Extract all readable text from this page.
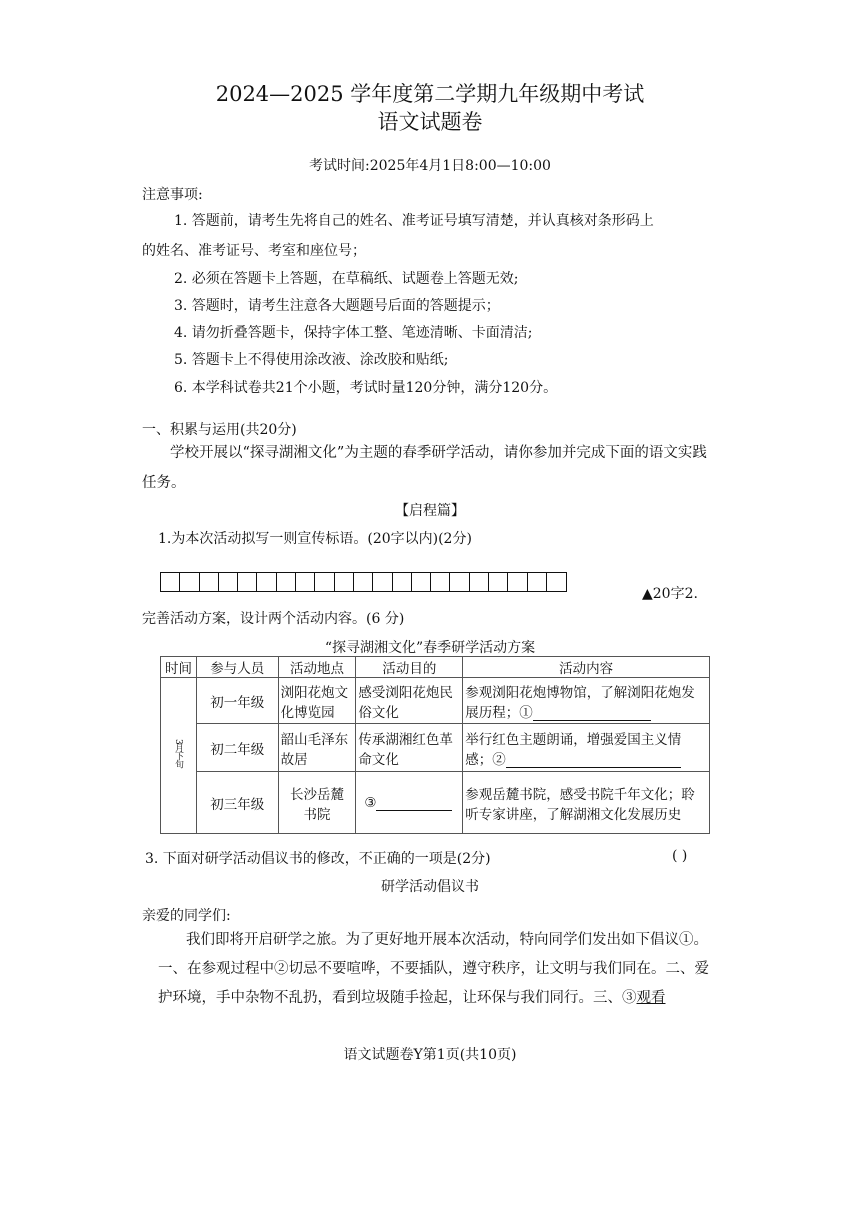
2024—2025 学年度第二学期九年级期中考试
语文试题卷
考试时间:2025年4月1日8:00—10:00
注意事项:
1. 答题前，请考生先将自己的姓名、准考证号填写清楚，并认真核对条形码上
的姓名、准考证号、考室和座位号；
2. 必须在答题卡上答题，在草稿纸、试题卷上答题无效;
3. 答题时，请考生注意各大题题号后面的答题提示；
4. 请勿折叠答题卡，保持字体工整、笔迹清晰、卡面清洁;
5. 答题卡上不得使用涂改液、涂改胶和贴纸;
6. 本学科试卷共21个小题，考试时量120分钟，满分120分。
一、积累与运用(共20分)
学校开展以“探寻湖湘文化”为主题的春季研学活动，请你参加并完成下面的语文实践任务。
【启程篇】
1.为本次活动拟写一则宣传标语。(20字以内)(2分)
▲20字2.
完善活动方案，设计两个活动内容。(6 分)
“探寻湖湘文化”春季研学活动方案
时间	参与人员	活动地点	活动目的	活动内容
3月下旬	初一年级	浏阳花炮文化博览园	感受浏阳花炮民俗文化	参观浏阳花炮博物馆，了解浏阳花炮发展历程；①
	初二年级	韶山毛泽东故居	传承湖湘红色革命文化	举行红色主题朗诵，增强爱国主义情感；②
	初三年级	长沙岳麓书院	③	参观岳麓书院，感受书院千年文化；聆听专家讲座，了解湖湘文化发展历史
3. 下面对研学活动倡议书的修改，不正确的一项是(2分)	( )
研学活动倡议书
亲爱的同学们:
我们即将开启研学之旅。为了更好地开展本次活动，特向同学们发出如下倡议①。一、在参观过程中②切忌不要喧哗，不要插队，遵守秩序，让文明与我们同在。二、爱护环境，手中杂物不乱扔，看到垃圾随手捡起，让环保与我们同行。三、③观看
语文试题卷Y第1页(共10页)
